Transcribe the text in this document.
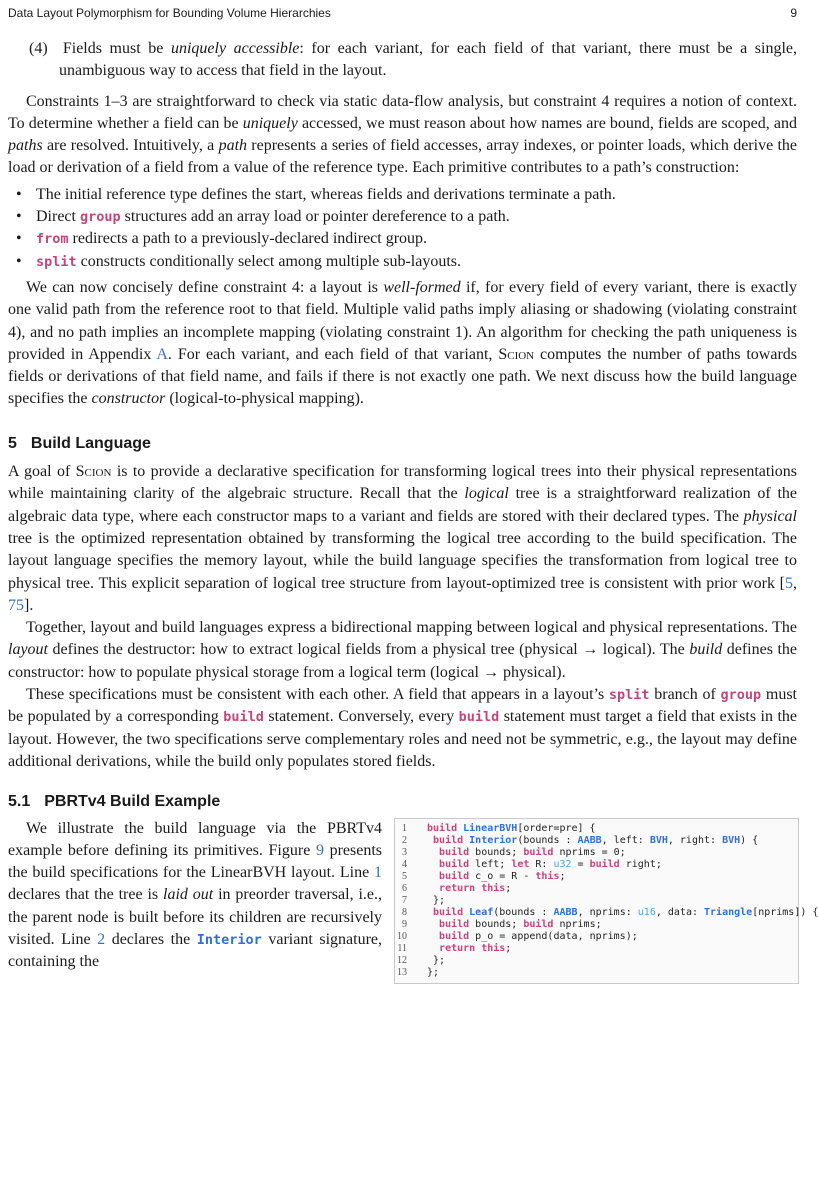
Data Layout Polymorphism for Bounding Volume Hierarchies	9

(4) Fields must be uniquely accessible: for each variant, for each field of that variant, there must be a single, unambiguous way to access that field in the layout.

Constraints 1–3 are straightforward to check via static data-flow analysis, but constraint 4 requires a notion of context. To determine whether a field can be uniquely accessed, we must reason about how names are bound, fields are scoped, and paths are resolved. Intuitively, a path represents a series of field accesses, array indexes, or pointer loads, which derive the load or derivation of a field from a value of the reference type. Each primitive contributes to a path’s construction:

• The initial reference type defines the start, whereas fields and derivations terminate a path.
• Direct group structures add an array load or pointer dereference to a path.
• from redirects a path to a previously-declared indirect group.
• split constructs conditionally select among multiple sub-layouts.

We can now concisely define constraint 4: a layout is well-formed if, for every field of every variant, there is exactly one valid path from the reference root to that field. Multiple valid paths imply aliasing or shadowing (violating constraint 4), and no path implies an incomplete mapping (violating constraint 1). An algorithm for checking the path uniqueness is provided in Appendix A. For each variant, and each field of that variant, Scion computes the number of paths towards fields or derivations of that field name, and fails if there is not exactly one path. We next discuss how the build language specifies the constructor (logical-to-physical mapping).

5 Build Language

A goal of Scion is to provide a declarative specification for transforming logical trees into their physical representations while maintaining clarity of the algebraic structure. Recall that the logical tree is a straightforward realization of the algebraic data type, where each constructor maps to a variant and fields are stored with their declared types. The physical tree is the optimized representation obtained by transforming the logical tree according to the build specification. The layout language specifies the memory layout, while the build language specifies the transformation from logical tree to physical tree. This explicit separation of logical tree structure from layout-optimized tree is consistent with prior work [5, 75].

Together, layout and build languages express a bidirectional mapping between logical and physical representations. The layout defines the destructor: how to extract logical fields from a physical tree (physical → logical). The build defines the constructor: how to populate physical storage from a logical term (logical → physical).

These specifications must be consistent with each other. A field that appears in a layout’s split branch of group must be populated by a corresponding build statement. Conversely, every build statement must target a field that exists in the layout. However, the two specifications serve complementary roles and need not be symmetric, e.g., the layout may define additional derivations, while the build only populates stored fields.

5.1 PBRTv4 Build Example

We illustrate the build language via the PBRTv4 example before defining its primitives. Figure 9 presents the build specifications for the LinearBVH layout. Line 1 declares that the tree is laid out in preorder traversal, i.e., the parent node is built before its children are recursively visited. Line 2 declares the Interior variant signature, containing the

1 build LinearBVH[order=pre] {
2	build Interior(bounds : AABB, left: BVH, right: BVH) {
3	build bounds; build nprims = 0;
4	build left; let R: u32 = build right;
5	build c_o = R - this;
6	return this;
7 };
8	build Leaf(bounds : AABB, nprims: u16, data: Triangle[nprims]) {
9	build bounds; build nprims;
10	build p_o = append(data, nprims);
11	return this;
12 };
13 };
